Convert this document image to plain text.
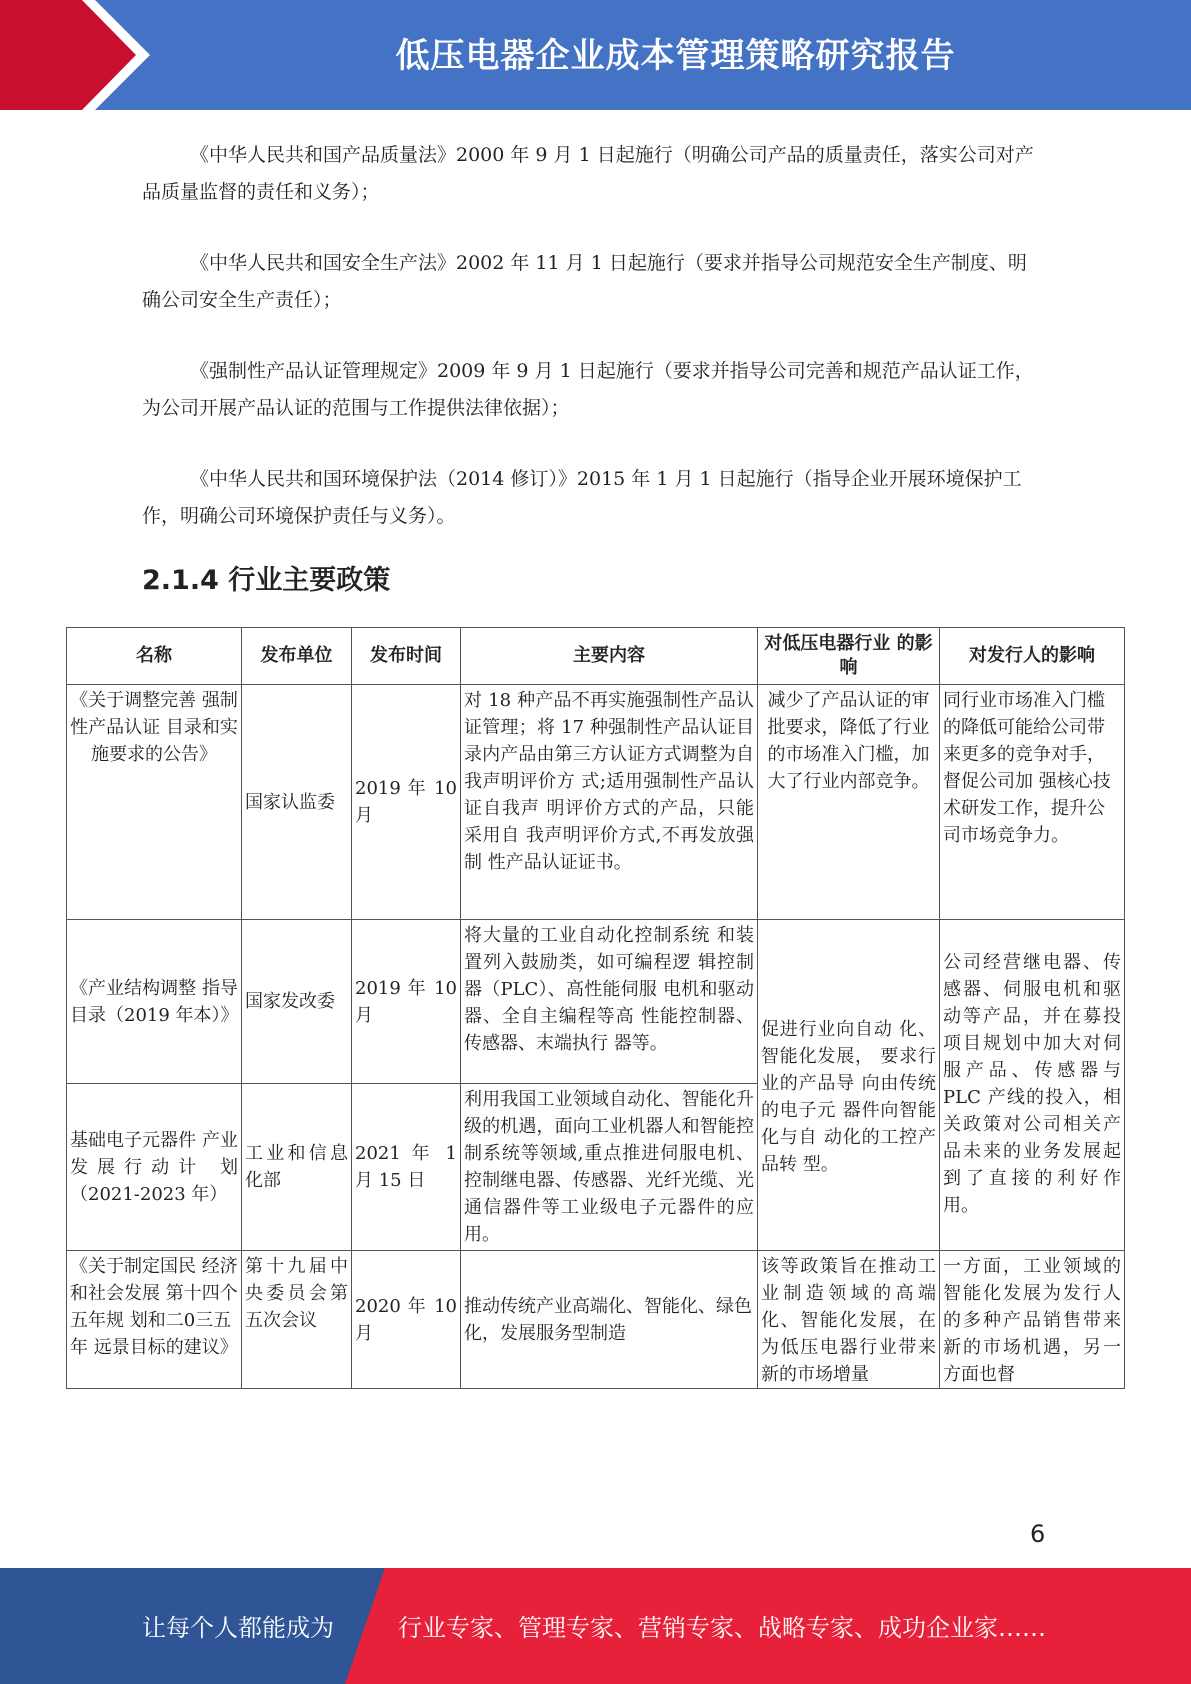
低压电器企业成本管理策略研究报告

《中华人民共和国产品质量法》2000 年 9 月 1 日起施行（明确公司产品的质量责任，落实公司对产品质量监督的责任和义务）；

《中华人民共和国安全生产法》2002 年 11 月 1 日起施行（要求并指导公司规范安全生产制度、明确公司安全生产责任）；

《强制性产品认证管理规定》2009 年 9 月 1 日起施行（要求并指导公司完善和规范产品认证工作，为公司开展产品认证的范围与工作提供法律依据）；

《中华人民共和国环境保护法（2014 修订）》2015 年 1 月 1 日起施行（指导企业开展环境保护工作，明确公司环境保护责任与义务）。

2.1.4 行业主要政策
名称	发布单位	发布时间	主要内容	对低压电器行业 的影响	对发行人的影响
《关于调整完善 强制性产品认证 目录和实施要求的公告》	国家认监委	2019 年 10 月	对 18 种产品不再实施强制性产品认证管理；将 17 种强制性产品认证目录内产品由第三方认证方式调整为自我声明评价方 式;适用强制性产品认证自我声 明评价方式的产品，只能采用自 我声明评价方式,不再发放强制 性产品认证证书。	减少了产品认证的审批要求，降低了行业的市场准入门槛，加大了行业内部竞争。	同行业市场准入门槛的降低可能给公司带来更多的竞争对手，督促公司加 强核心技术研发工作，提升公司市场竞争力。
《产业结构调整 指导目录（2019 年本）》	国家发改委	2019 年 10 月	将大量的工业自动化控制系统 和装置列入鼓励类，如可编程逻 辑控制器（PLC）、高性能伺服 电机和驱动器、全自主编程等高 性能控制器、传感器、末端执行 器等。	促进行业向自动 化、智能化发展， 要求行业的产品导 向由传统的电子元 器件向智能化与自 动化的工控产品转 型。	公司经营继电器、传感器、伺服电机和驱动等产品，并在募投项目规划中加大对伺服产品、传感器与 PLC 产线的投入，相关政策对公司相关产品未来的业务发展起到了直接的利好作 用。

基础电子元器件 产业发展行动计 划（2021-2023 年）	工业和信息化部	2021 年 1 月 15 日	利用我国工业领域自动化、智能化升级的机遇，面向工业机器人和智能控制系统等领域,重点推进伺服电机、控制继电器、传感器、光纤光缆、光通信器件等工业级电子元器件的应用。		

《关于制定国民 经济和社会发展 第十四个五年规 划和二0三五年 远景目标的建议》	第十九届中央委员会第五次会议	2020 年 10 月	推动传统产业高端化、智能化、绿色化，发展服务型制造	该等政策旨在推动工业制造领域的高端化、智能化发展，在为低压电器行业带来新的市场增量	一方面，工业领域的智能化发展为发行人的多种产品销售带来新的市场机遇，另一方面也督
6
让每个人都能成为	行业专家、管理专家、营销专家、战略专家、成功企业家……
